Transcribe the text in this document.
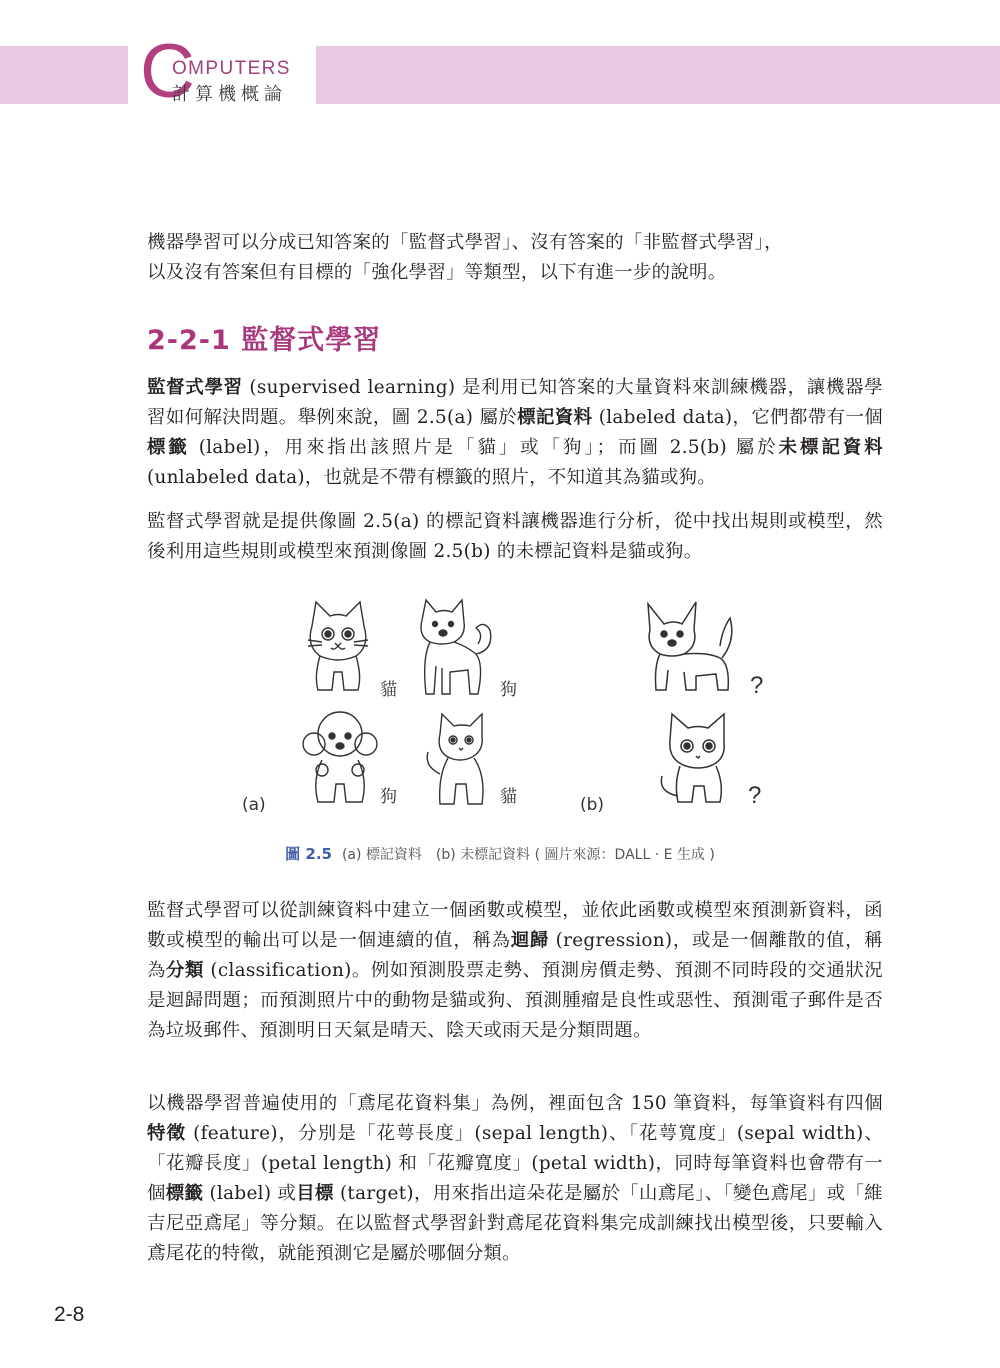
C
OMPUTERS
計算機概論
機器學習可以分成已知答案的「監督式學習」、沒有答案的「非監督式學習」，
以及沒有答案但有目標的「強化學習」等類型，以下有進一步的說明。
2-2-1 監督式學習
監督式學習 (supervised learning) 是利用已知答案的大量資料來訓練機器，讓機器學習如何解決問題。舉例來說，圖 2.5(a) 屬於標記資料 (labeled data)，它們都帶有一個標籤 (label)，用來指出該照片是「貓」或「狗」；而圖 2.5(b) 屬於未標記資料 (unlabeled data)，也就是不帶有標籤的照片，不知道其為貓或狗。
監督式學習就是提供像圖 2.5(a) 的標記資料讓機器進行分析，從中找出規則或模型，然後利用這些規則或模型來預測像圖 2.5(b) 的未標記資料是貓或狗。
貓	狗	?
狗	貓	?
(a)	(b)
圖 2.5 (a) 標記資料　(b) 未標記資料 ( 圖片來源：DALL · E 生成 )
監督式學習可以從訓練資料中建立一個函數或模型，並依此函數或模型來預測新資料，函數或模型的輸出可以是一個連續的值，稱為迴歸 (regression)，或是一個離散的值，稱為分類 (classification)。例如預測股票走勢、預測房價走勢、預測不同時段的交通狀況是迴歸問題；而預測照片中的動物是貓或狗、預測腫瘤是良性或惡性、預測電子郵件是否為垃圾郵件、預測明日天氣是晴天、陰天或雨天是分類問題。
以機器學習普遍使用的「鳶尾花資料集」為例，裡面包含 150 筆資料，每筆資料有四個特徵 (feature)，分別是「花萼長度」(sepal length)、「花萼寬度」(sepal width)、「花瓣長度」(petal length) 和「花瓣寬度」(petal width)，同時每筆資料也會帶有一個標籤 (label) 或目標 (target)，用來指出這朵花是屬於「山鳶尾」、「變色鳶尾」或「維吉尼亞鳶尾」等分類。在以監督式學習針對鳶尾花資料集完成訓練找出模型後，只要輸入鳶尾花的特徵，就能預測它是屬於哪個分類。
2-8
